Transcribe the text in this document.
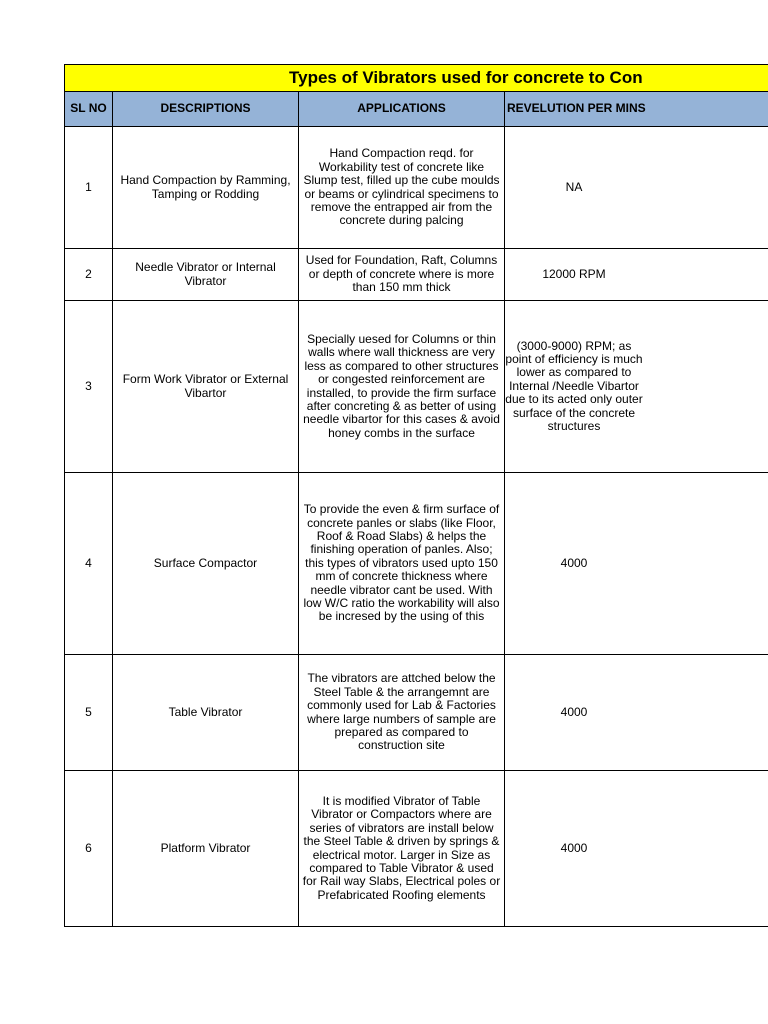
Types of Vibrators used for concrete to Con			
SL NO	DESCRIPTIONS	APPLICATIONS	REVELUTION PER MINS
1	Hand Compaction by Ramming, Tamping or Rodding	Hand Compaction reqd. for Workability test of concrete like Slump test, filled up the cube moulds or beams or cylindrical specimens to remove the entrapped air from the concrete during palcing	NA

2	Needle Vibrator or Internal Vibrator	Used for Foundation, Raft, Columns or depth of concrete where is more than 150 mm thick	12000 RPM

3	Form Work Vibrator or External Vibartor	Specially uesed for Columns or thin walls where wall thickness are very less as compared to other structures or congested reinforcement are installed, to provide the firm surface after concreting & as better of using needle vibartor for this cases & avoid honey combs in the surface	(3000-9000) RPM; as point of efficiency is much lower as compared to Internal /Needle Vibartor due to its acted only outer surface of the concrete structures

4	Surface Compactor	To provide the even & firm surface of concrete panles or slabs (like Floor, Roof & Road Slabs) & helps the finishing operation of panles. Also; this types of vibrators used upto 150 mm of concrete thickness where needle vibrator cant be used. With low W/C ratio the workability will also be incresed by the using of this	4000

5	Table Vibrator	The vibrators are attched below the Steel Table & the arrangemnt are commonly used for Lab & Factories where large numbers of sample are prepared as compared to construction site	4000

6	Platform Vibrator	It is modified Vibrator of Table Vibrator or Compactors where are series of vibrators are install below the Steel Table & driven by springs & electrical motor. Larger in Size as compared to Table Vibrator & used for Rail way Slabs, Electrical poles or Prefabricated Roofing elements	4000
